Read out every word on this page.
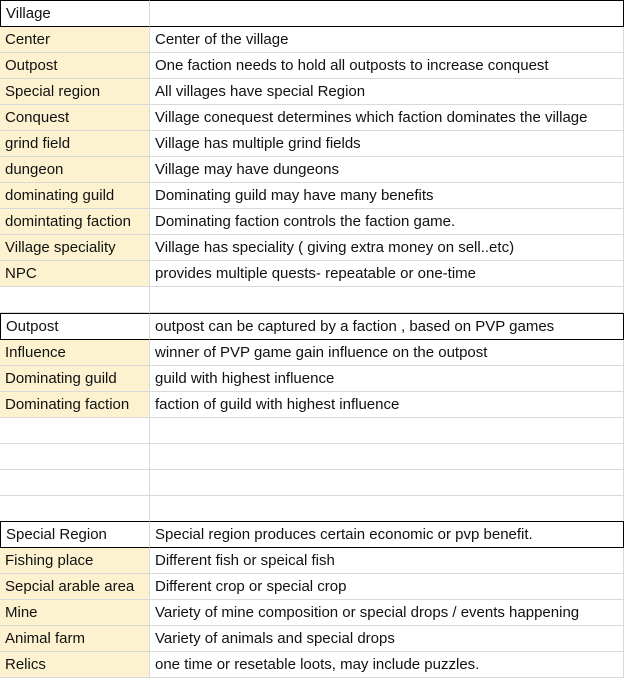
Village
Center	Center of the village
Outpost	One faction needs to hold all outposts to increase conquest
Special region	All villages have special Region
Conquest	Village conequest determines which faction dominates the village
grind field	Village has multiple grind fields
dungeon	Village may have dungeons
dominating guild	Dominating guild may have many benefits
domintating faction	Dominating faction controls the faction game.
Village speciality	Village has speciality ( giving extra money on sell..etc)
NPC	provides multiple quests- repeatable or one-time
Outpost	outpost can be captured by a faction , based on PVP games
Influence	winner of PVP game gain influence on the outpost
Dominating guild	guild with highest influence
Dominating faction	faction of guild with highest influence
Special Region	Special region produces certain economic or pvp benefit.
Fishing place	Different fish or speical fish
Sepcial arable area	Different crop or special crop
Mine	Variety of mine composition or special drops / events happening
Animal farm	Variety of animals and special drops
Relics	one time or resetable loots, may include puzzles.
